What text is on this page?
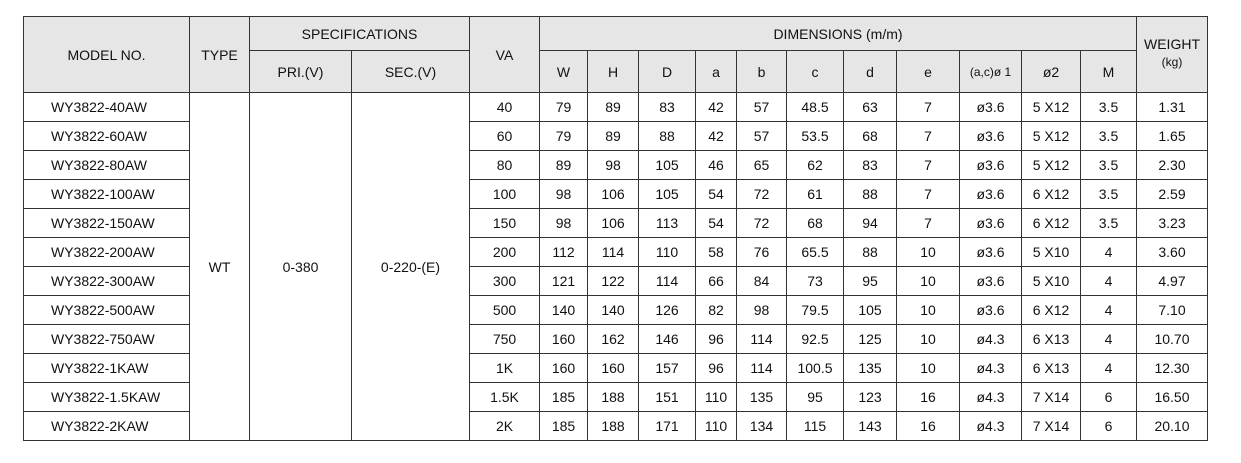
MODEL NO.	TYPE	SPECIFICATIONS		VA	DIMENSIONS (m/m)											WEIGHT
(kg)

		PRI.(V)	SEC.(V)		W	H	D	a	b	c	d	e	(a,c)ø 1	ø2	M	
WY3822-40AW	WT	0-380	0-220-(E)	40	79	89	83	42	57	48.5	63	7	ø3.6	5 X12	3.5	1.31
WY3822-60AW				60	79	89	88	42	57	53.5	68	7	ø3.6	5 X12	3.5	1.65
WY3822-80AW				80	89	98	105	46	65	62	83	7	ø3.6	5 X12	3.5	2.30
WY3822-100AW				100	98	106	105	54	72	61	88	7	ø3.6	6 X12	3.5	2.59
WY3822-150AW				150	98	106	113	54	72	68	94	7	ø3.6	6 X12	3.5	3.23
WY3822-200AW				200	112	114	110	58	76	65.5	88	10	ø3.6	5 X10	4	3.60
WY3822-300AW				300	121	122	114	66	84	73	95	10	ø3.6	5 X10	4	4.97
WY3822-500AW				500	140	140	126	82	98	79.5	105	10	ø3.6	6 X12	4	7.10
WY3822-750AW				750	160	162	146	96	114	92.5	125	10	ø4.3	6 X13	4	10.70
WY3822-1KAW				1K	160	160	157	96	114	100.5	135	10	ø4.3	6 X13	4	12.30
WY3822-1.5KAW				1.5K	185	188	151	110	135	95	123	16	ø4.3	7 X14	6	16.50
WY3822-2KAW				2K	185	188	171	110	134	115	143	16	ø4.3	7 X14	6	20.10
